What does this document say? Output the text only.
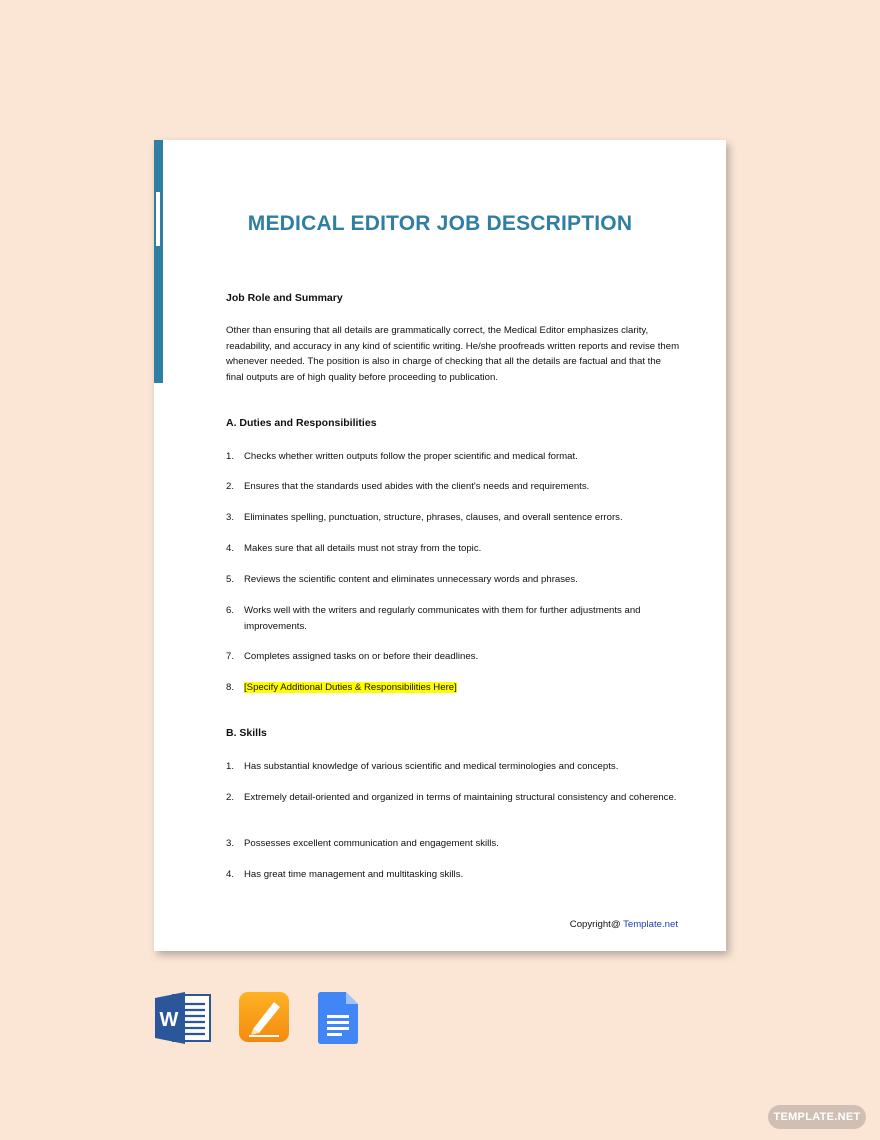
MEDICAL EDITOR JOB DESCRIPTION
Job Role and Summary
Other than ensuring that all details are grammatically correct, the Medical Editor emphasizes clarity, readability, and accuracy in any kind of scientific writing. He/she proofreads written reports and revise them whenever needed. The position is also in charge of checking that all the details are factual and that the final outputs are of high quality before proceeding to publication.
A. Duties and Responsibilities
1. Checks whether written outputs follow the proper scientific and medical format.
2. Ensures that the standards used abides with the client's needs and requirements.
3. Eliminates spelling, punctuation, structure, phrases, clauses, and overall sentence errors.
4. Makes sure that all details must not stray from the topic.
5. Reviews the scientific content and eliminates unnecessary words and phrases.
6. Works well with the writers and regularly communicates with them for further adjustments and improvements.
7. Completes assigned tasks on or before their deadlines.
8. [Specify Additional Duties & Responsibilities Here]
B. Skills
1. Has substantial knowledge of various scientific and medical terminologies and concepts.
2. Extremely detail-oriented and organized in terms of maintaining structural consistency and coherence.
3. Possesses excellent communication and engagement skills.
4. Has great time management and multitasking skills.
Copyright@ Template.net
W
TEMPLATE.NET
